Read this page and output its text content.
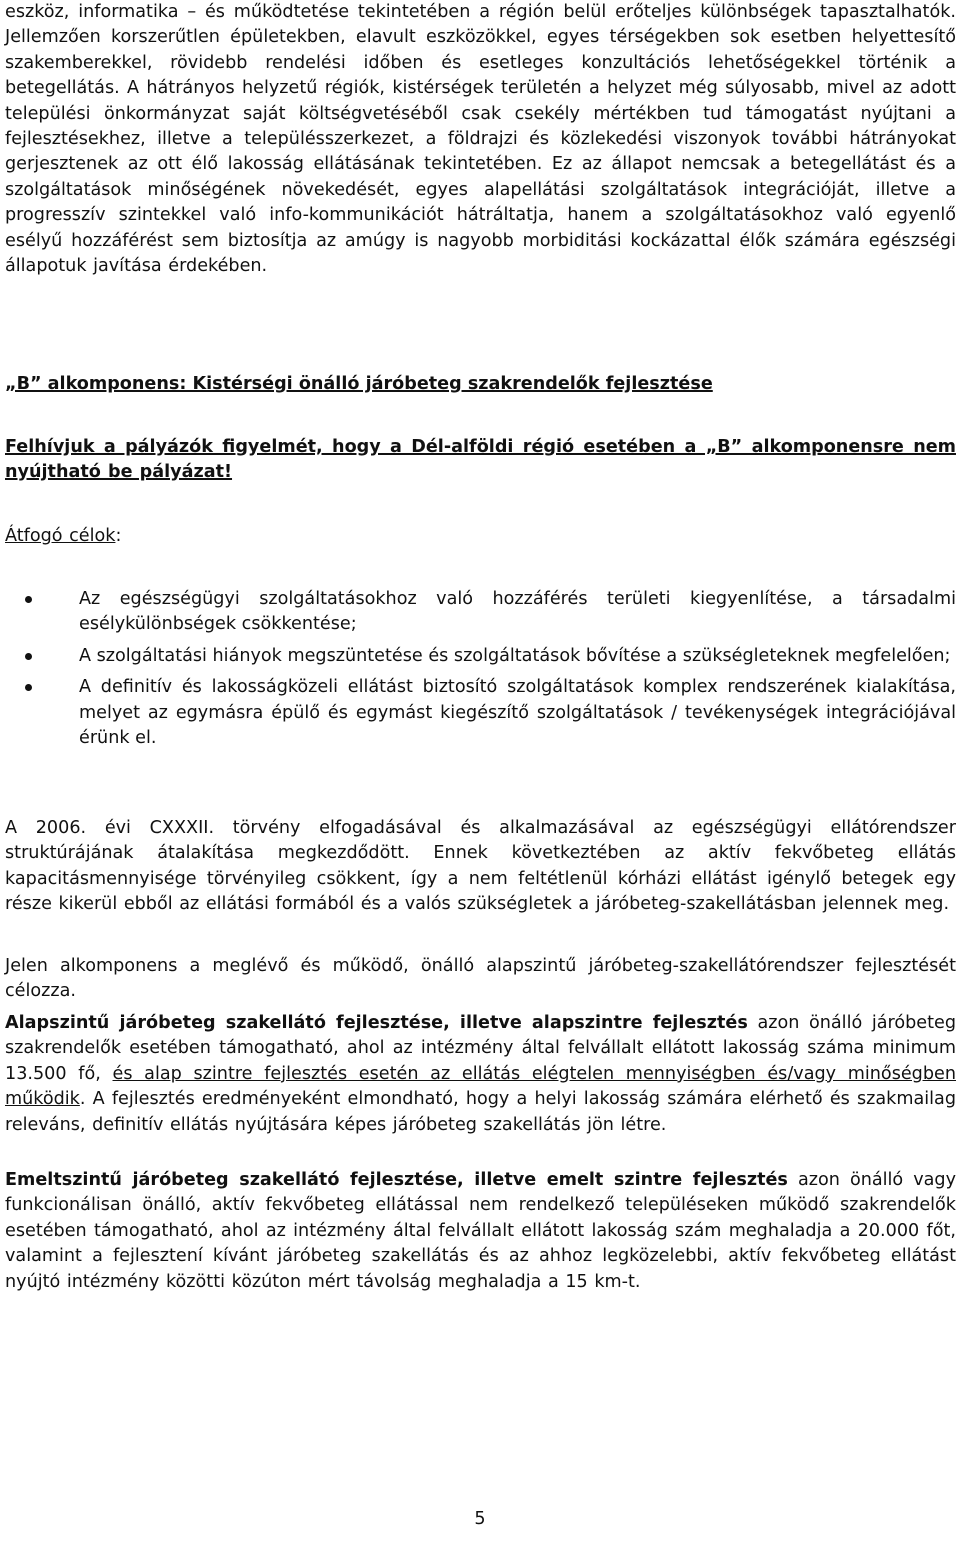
eszköz, informatika – és működtetése tekintetében a régión belül erőteljes különbségek tapasztalhatók. Jellemzően korszerűtlen épületekben, elavult eszközökkel, egyes térségekben sok esetben helyettesítő szakemberekkel, rövidebb rendelési időben és esetleges konzultációs lehetőségekkel történik a betegellátás. A hátrányos helyzetű régiók, kistérségek területén a helyzet még súlyosabb, mivel az adott települési önkormányzat saját költségvetéséből csak csekély mértékben tud támogatást nyújtani a fejlesztésekhez, illetve a településszerkezet, a földrajzi és közlekedési viszonyok további hátrányokat gerjesztenek az ott élő lakosság ellátásának tekintetében. Ez az állapot nemcsak a betegellátást és a szolgáltatások minőségének növekedését, egyes alapellátási szolgáltatások integrációját, illetve a progresszív szintekkel való info-kommunikációt hátráltatja, hanem a szolgáltatásokhoz való egyenlő esélyű hozzáférést sem biztosítja az amúgy is nagyobb morbiditási kockázattal élők számára egészségi állapotuk javítása érdekében.

„B” alkomponens: Kistérségi önálló járóbeteg szakrendelők fejlesztése

Felhívjuk a pályázók figyelmét, hogy a Dél-alföldi régió esetében a „B” alkomponensre nem nyújtható be pályázat!

Átfogó célok:

Az egészségügyi szolgáltatásokhoz való hozzáférés területi kiegyenlítése, a társadalmi esélykülönbségek csökkentése;
A szolgáltatási hiányok megszüntetése és szolgáltatások bővítése a szükségleteknek megfelelően;
A definitív és lakosságközeli ellátást biztosító szolgáltatások komplex rendszerének kialakítása, melyet az egymásra épülő és egymást kiegészítő szolgáltatások / tevékenységek integrációjával érünk el.

A 2006. évi CXXXII. törvény elfogadásával és alkalmazásával az egészségügyi ellátórendszer struktúrájának átalakítása megkezdődött. Ennek következtében az aktív fekvőbeteg ellátás kapacitásmennyisége törvényileg csökkent, így a nem feltétlenül kórházi ellátást igénylő betegek egy része kikerül ebből az ellátási formából és a valós szükségletek a járóbeteg-szakellátásban jelennek meg.

Jelen alkomponens a meglévő és működő, önálló alapszintű járóbeteg-szakellátórendszer fejlesztését célozza.

Alapszintű járóbeteg szakellátó fejlesztése, illetve alapszintre fejlesztés azon önálló járóbeteg szakrendelők esetében támogatható, ahol az intézmény által felvállalt ellátott lakosság száma minimum 13.500 fő, és alap szintre fejlesztés esetén az ellátás elégtelen mennyiségben és/vagy minőségben működik. A fejlesztés eredményeként elmondható, hogy a helyi lakosság számára elérhető és szakmailag releváns, definitív ellátás nyújtására képes járóbeteg szakellátás jön létre.

Emeltszintű járóbeteg szakellátó fejlesztése, illetve emelt szintre fejlesztés azon önálló vagy funkcionálisan önálló, aktív fekvőbeteg ellátással nem rendelkező településeken működő szakrendelők esetében támogatható, ahol az intézmény által felvállalt ellátott lakosság szám meghaladja a 20.000 főt, valamint a fejlesztení kívánt járóbeteg szakellátás és az ahhoz legközelebbi, aktív fekvőbeteg ellátást nyújtó intézmény közötti közúton mért távolság meghaladja a 15 km-t.

5
